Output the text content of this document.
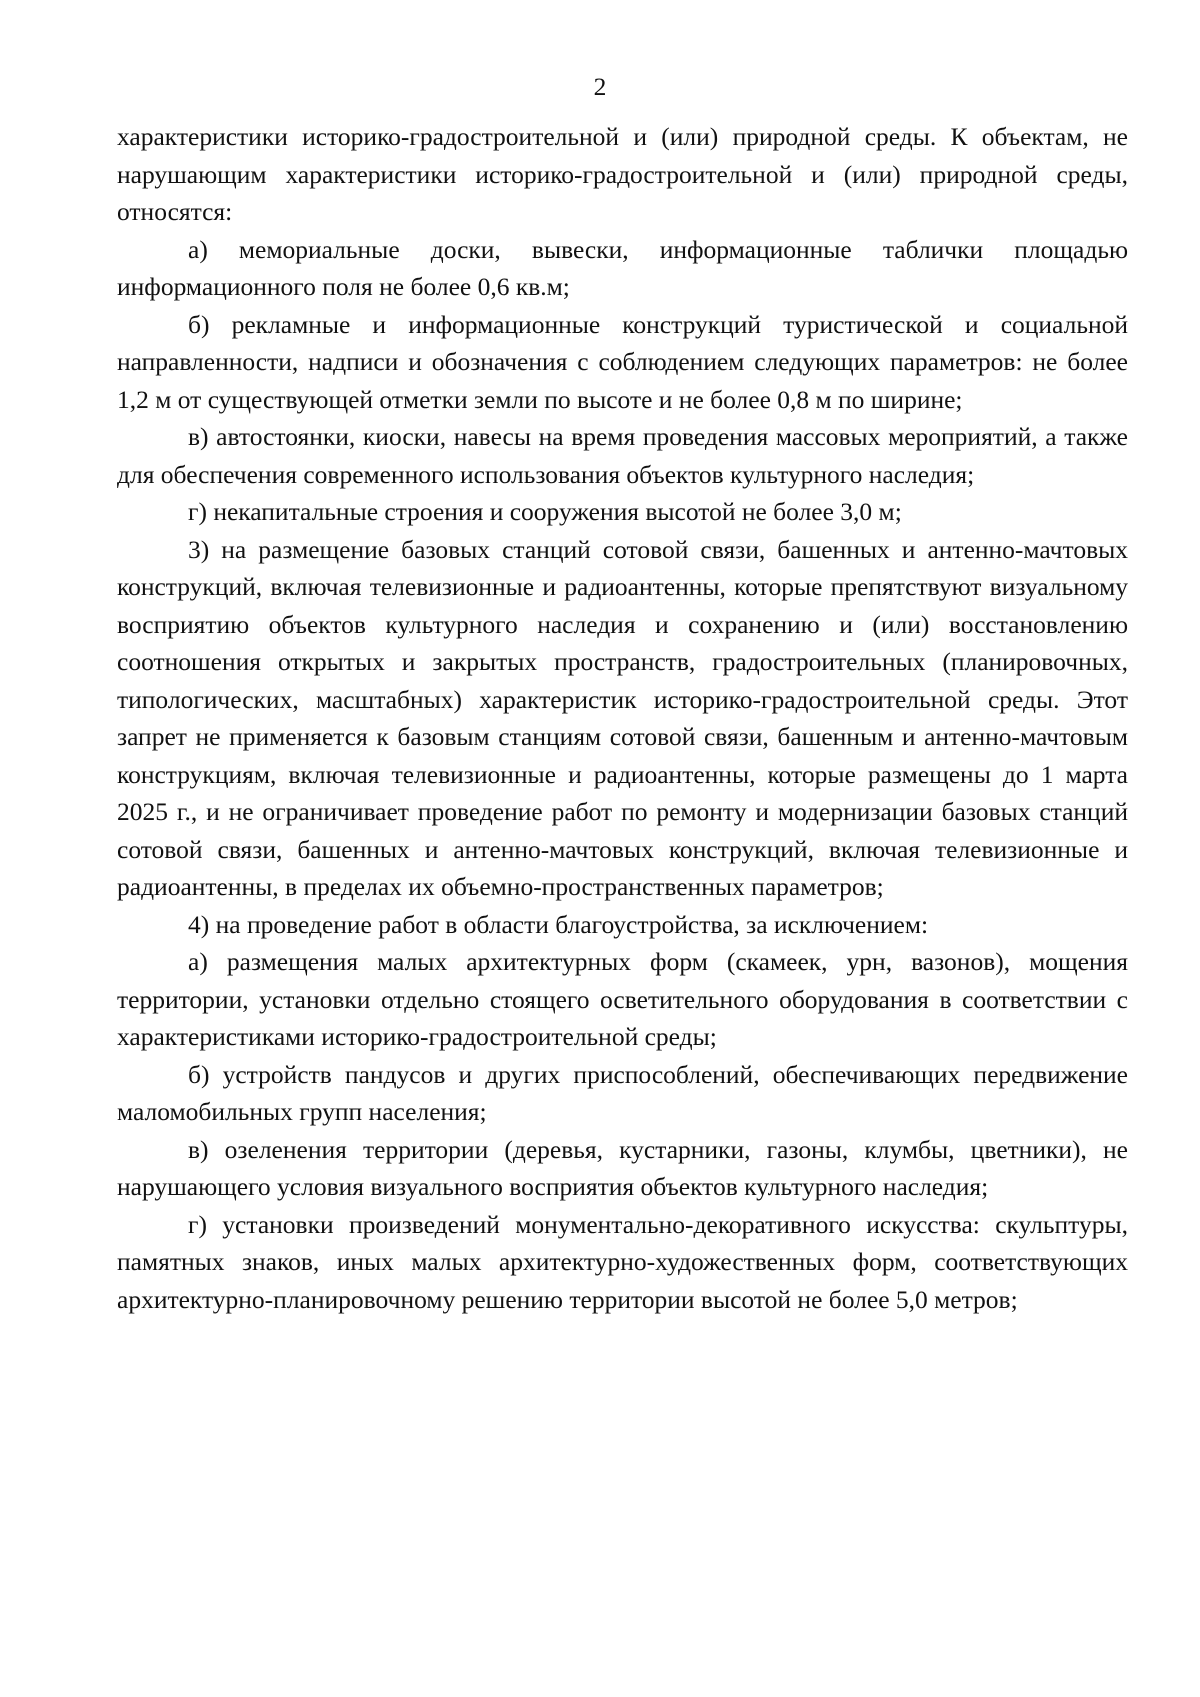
2

характеристики историко-градостроительной и (или) природной среды. К объектам, не нарушающим характеристики историко-градостроительной и (или) природной среды, относятся:

а) мемориальные доски, вывески, информационные таблички площадью информационного поля не более 0,6 кв.м;

б) рекламные и информационные конструкций туристической и социальной направленности, надписи и обозначения с соблюдением следующих параметров: не более 1,2 м от существующей отметки земли по высоте и не более 0,8 м по ширине;

в) автостоянки, киоски, навесы на время проведения массовых мероприятий, а также для обеспечения современного использования объектов культурного наследия;

г) некапитальные строения и сооружения высотой не более 3,0 м;

3) на размещение базовых станций сотовой связи, башенных и антенно-мачтовых конструкций, включая телевизионные и радиоантенны, которые препятствуют визуальному восприятию объектов культурного наследия и сохранению и (или) восстановлению соотношения открытых и закрытых пространств, градостроительных (планировочных, типологических, масштабных) характеристик историко-градостроительной среды. Этот запрет не применяется к базовым станциям сотовой связи, башенным и антенно-мачтовым конструкциям, включая телевизионные и радиоантенны, которые размещены до 1 марта 2025 г., и не ограничивает проведение работ по ремонту и модернизации базовых станций сотовой связи, башенных и антенно-мачтовых конструкций, включая телевизионные и радиоантенны, в пределах их объемно-пространственных параметров;

4) на проведение работ в области благоустройства, за исключением:

а) размещения малых архитектурных форм (скамеек, урн, вазонов), мощения территории, установки отдельно стоящего осветительного оборудования в соответствии с характеристиками историко-градостроительной среды;

б) устройств пандусов и других приспособлений, обеспечивающих передвижение маломобильных групп населения;

в) озеленения территории (деревья, кустарники, газоны, клумбы, цветники), не нарушающего условия визуального восприятия объектов культурного наследия;

г) установки произведений монументально-декоративного искусства: скульптуры, памятных знаков, иных малых архитектурно-художественных форм, соответствующих архитектурно-планировочному решению территории высотой не более 5,0 метров;
